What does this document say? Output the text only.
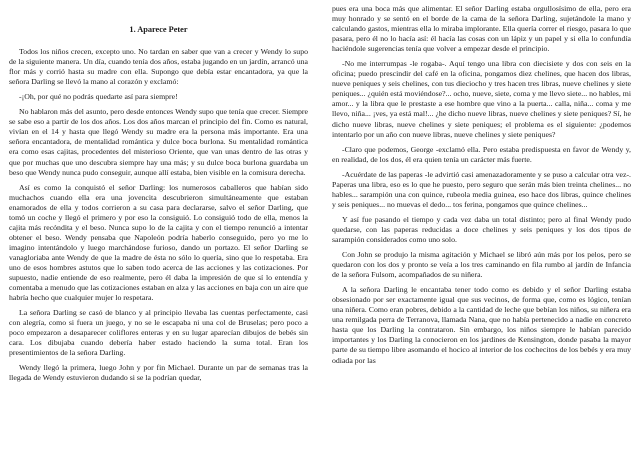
1. Aparece Peter

Todos los niños crecen, excepto uno. No tardan en saber que van a crecer y Wendy lo supo de la siguiente manera. Un día, cuando tenía dos años, estaba jugando en un jardín, arrancó una flor más y corrió hasta su madre con ella. Supongo que debía estar encantadora, ya que la señora Darling se llevó la mano al corazón y exclamó:

-¡Oh, por qué no podrás quedarte así para siempre!

No hablaron más del asunto, pero desde entonces Wendy supo que tenía que crecer. Siempre se sabe eso a partir de los dos años. Los dos años marcan el principio del fin. Como es natural, vivían en el 14 y hasta que llegó Wendy su madre era la persona más importante. Era una señora encantadora, de mentalidad romántica y dulce boca burlona. Su mentalidad romántica era como esas cajitas, procedentes del misterioso Oriente, que van unas dentro de las otras y que por muchas que uno descubra siempre hay una más; y su dulce boca burlona guardaba un beso que Wendy nunca pudo conseguir, aunque allí estaba, bien visible en la comisura derecha.

Así es como la conquistó el señor Darling: los numerosos caballeros que habían sido muchachos cuando ella era una jovencita descubrieron simultáneamente que estaban enamorados de ella y todos corrieron a su casa para declararse, salvo el señor Darling, que tomó un coche y llegó el primero y por eso la consiguió. Lo consiguió todo de ella, menos la cajita más recóndita y el beso. Nunca supo lo de la cajita y con el tiempo renunció a intentar obtener el beso. Wendy pensaba que Napoleón podría haberlo conseguido, pero yo me lo imagino intentándolo y luego marchándose furioso, dando un portazo. El señor Darling se vanagloriaba ante Wendy de que la madre de ésta no sólo lo quería, sino que lo respetaba. Era uno de esos hombres astutos que lo saben todo acerca de las acciones y las cotizaciones. Por supuesto, nadie entiende de eso realmente, pero él daba la impresión de que sí lo entendía y comentaba a menudo que las cotizaciones estaban en alza y las acciones en baja con un aire que habría hecho que cualquier mujer lo respetara.

La señora Darling se casó de blanco y al principio llevaba las cuentas perfectamente, casi con alegría, como si fuera un juego, y no se le escapaba ni una col de Bruselas; pero poco a poco empezaron a desaparecer coliflores enteras y en su lugar aparecían dibujos de bebés sin cara. Los dibujaba cuando debería haber estado haciendo la suma total. Eran los presentimientos de la señora Darling.

Wendy llegó la primera, luego John y por fin Michael. Durante un par de semanas tras la llegada de Wendy estuvieron dudando si se la podrían quedar,

pues era una boca más que alimentar. El señor Darling estaba orgullosísimo de ella, pero era muy honrado y se sentó en el borde de la cama de la señora Darling, sujetándole la mano y calculando gastos, mientras ella lo miraba implorante. Ella quería correr el riesgo, pasara lo que pasara, pero él no lo hacía así: él hacía las cosas con un lápiz y un papel y si ella lo confundía haciéndole sugerencias tenía que volver a empezar desde el principio.

-No me interrumpas -le rogaba-. Aquí tengo una libra con diecisiete y dos con seis en la oficina; puedo prescindir del café en la oficina, pongamos diez chelines, que hacen dos libras, nueve peniques y seis chelines, con tus dieciocho y tres hacen tres libras, nueve chelines y siete peniques... ¿quién está moviéndose?... ocho, nueve, siete, coma y me llevo siete... no hables, mi amor... y la libra que le prestaste a ese hombre que vino a la puerta... calla, niña... coma y me llevo, niña... ¡ves, ya está mal!... ¿he dicho nueve libras, nueve chelines y siete peniques? Sí, he dicho nueve libras, nueve chelines y siete peniques; el problema es el siguiente: ¿podemos intentarlo por un año con nueve libras, nueve chelines y siete peniques?

-Claro que podemos, George -exclamó ella. Pero estaba predispuesta en favor de Wendy y, en realidad, de los dos, él era quien tenía un carácter más fuerte.

-Acuérdate de las paperas -le advirtió casi amenazadoramente y se puso a calcular otra vez-. Paperas una libra, eso es lo que he puesto, pero seguro que serán más bien treinta chelines... no hables... sarampión una con quince, rubeola media guinea, eso hace dos libras, quince chelines y seis peniques... no muevas el dedo... tos ferina, pongamos que quince chelines...

Y así fue pasando el tiempo y cada vez daba un total distinto; pero al final Wendy pudo quedarse, con las paperas reducidas a doce chelines y seis peniques y los dos tipos de sarampión considerados como uno solo.

Con John se produjo la misma agitación y Michael se libró aún más por los pelos, pero se quedaron con los dos y pronto se veía a los tres caminando en fila rumbo al jardín de Infancia de la señora Fulsom, acompañados de su niñera.

A la señora Darling le encantaba tener todo como es debido y el señor Darling estaba obsesionado por ser exactamente igual que sus vecinos, de forma que, como es lógico, tenían una niñera. Como eran pobres, debido a la cantidad de leche que bebían los niños, su niñera era una remilgada perra de Terranova, llamada Nana, que no había pertenecido a nadie en concreto hasta que los Darling la contrataron. Sin embargo, los niños siempre le habían parecido importantes y los Darling la conocieron en los jardines de Kensington, donde pasaba la mayor parte de su tiempo libre asomando el hocico al interior de los cochecitos de los bebés y era muy odiada por las
